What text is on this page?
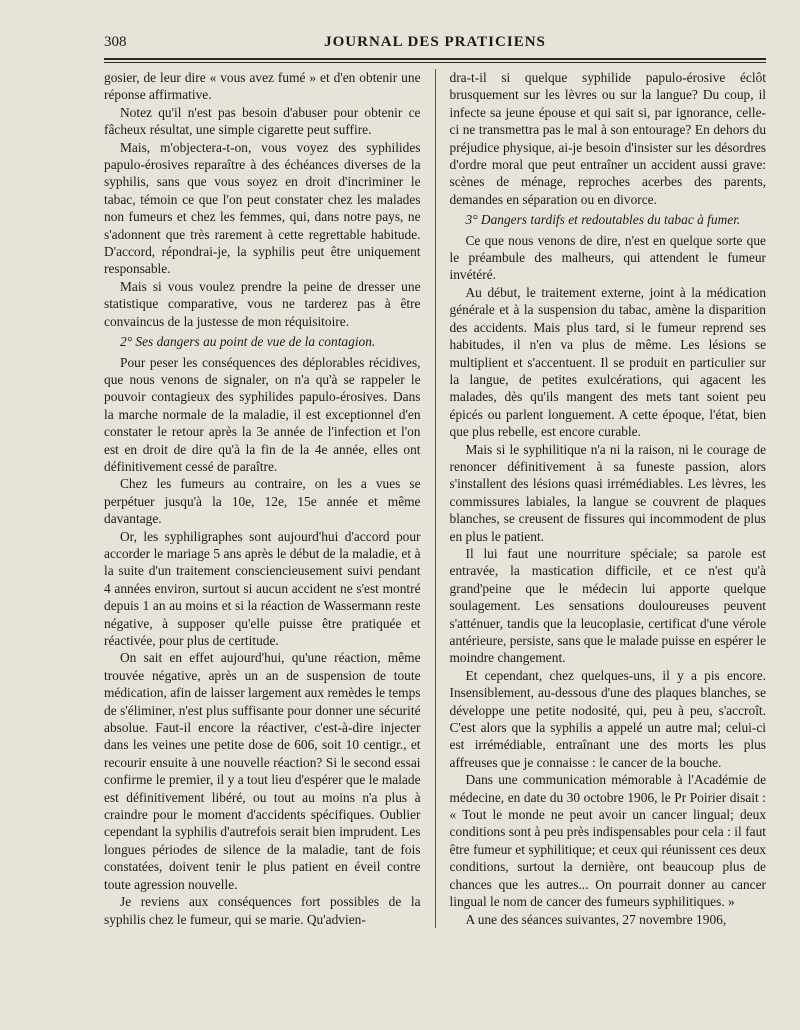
308	JOURNAL DES PRATICIENS

gosier, de leur dire « vous avez fumé » et d'en obtenir une réponse affirmative.

Notez qu'il n'est pas besoin d'abuser pour obtenir ce fâcheux résultat, une simple cigarette peut suffire.

Mais, m'objectera-t-on, vous voyez des syphilides papulo-érosives reparaître à des échéances diverses de la syphilis, sans que vous soyez en droit d'incriminer le tabac, témoin ce que l'on peut constater chez les malades non fumeurs et chez les femmes, qui, dans notre pays, ne s'adonnent que très rarement à cette regrettable habitude. D'accord, répondrai-je, la syphilis peut être uniquement responsable.

Mais si vous voulez prendre la peine de dresser une statistique comparative, vous ne tarderez pas à être convaincus de la justesse de mon réquisitoire.

2° Ses dangers au point de vue de la contagion.

Pour peser les conséquences des déplorables récidives, que nous venons de signaler, on n'a qu'à se rappeler le pouvoir contagieux des syphilides papulo-érosives. Dans la marche normale de la maladie, il est exceptionnel d'en constater le retour après la 3e année de l'infection et l'on est en droit de dire qu'à la fin de la 4e année, elles ont définitivement cessé de paraître.

Chez les fumeurs au contraire, on les a vues se perpétuer jusqu'à la 10e, 12e, 15e année et même davantage.

Or, les syphiligraphes sont aujourd'hui d'accord pour accorder le mariage 5 ans après le début de la maladie, et à la suite d'un traitement consciencieusement suivi pendant 4 années environ, surtout si aucun accident ne s'est montré depuis 1 an au moins et si la réaction de Wassermann reste négative, à supposer qu'elle puisse être pratiquée et réactivée, pour plus de certitude.

On sait en effet aujourd'hui, qu'une réaction, même trouvée négative, après un an de suspension de toute médication, afin de laisser largement aux remèdes le temps de s'éliminer, n'est plus suffisante pour donner une sécurité absolue. Faut-il encore la réactiver, c'est-à-dire injecter dans les veines une petite dose de 606, soit 10 centigr., et recourir ensuite à une nouvelle réaction? Si le second essai confirme le premier, il y a tout lieu d'espérer que le malade est définitivement libéré, ou tout au moins n'a plus à craindre pour le moment d'accidents spécifiques. Oublier cependant la syphilis d'autrefois serait bien imprudent. Les longues périodes de silence de la maladie, tant de fois constatées, doivent tenir le plus patient en éveil contre toute agression nouvelle.

Je reviens aux conséquences fort possibles de la syphilis chez le fumeur, qui se marie. Qu'advien-

dra-t-il si quelque syphilide papulo-érosive éclôt brusquement sur les lèvres ou sur la langue? Du coup, il infecte sa jeune épouse et qui sait si, par ignorance, celle-ci ne transmettra pas le mal à son entourage? En dehors du préjudice physique, ai-je besoin d'insister sur les désordres d'ordre moral que peut entraîner un accident aussi grave: scènes de ménage, reproches acerbes des parents, demandes en séparation ou en divorce.

3° Dangers tardifs et redoutables du tabac à fumer.

Ce que nous venons de dire, n'est en quelque sorte que le préambule des malheurs, qui attendent le fumeur invétéré.

Au début, le traitement externe, joint à la médication générale et à la suspension du tabac, amène la disparition des accidents. Mais plus tard, si le fumeur reprend ses habitudes, il n'en va plus de même. Les lésions se multiplient et s'accentuent. Il se produit en particulier sur la langue, de petites exulcérations, qui agacent les malades, dès qu'ils mangent des mets tant soient peu épicés ou parlent longuement. A cette époque, l'état, bien que plus rebelle, est encore curable.

Mais si le syphilitique n'a ni la raison, ni le courage de renoncer définitivement à sa funeste passion, alors s'installent des lésions quasi irrémédiables. Les lèvres, les commissures labiales, la langue se couvrent de plaques blanches, se creusent de fissures qui incommodent de plus en plus le patient.

Il lui faut une nourriture spéciale; sa parole est entravée, la mastication difficile, et ce n'est qu'à grand'peine que le médecin lui apporte quelque soulagement. Les sensations douloureuses peuvent s'atténuer, tandis que la leucoplasie, certificat d'une vérole antérieure, persiste, sans que le malade puisse en espérer le moindre changement.

Et cependant, chez quelques-uns, il y a pis encore. Insensiblement, au-dessous d'une des plaques blanches, se développe une petite nodosité, qui, peu à peu, s'accroît. C'est alors que la syphilis a appelé un autre mal; celui-ci est irrémédiable, entraînant une des morts les plus affreuses que je connaisse : le cancer de la bouche.

Dans une communication mémorable à l'Académie de médecine, en date du 30 octobre 1906, le Pr Poirier disait : « Tout le monde ne peut avoir un cancer lingual; deux conditions sont à peu près indispensables pour cela : il faut être fumeur et syphilitique; et ceux qui réunissent ces deux conditions, surtout la dernière, ont beaucoup plus de chances que les autres... On pourrait donner au cancer lingual le nom de cancer des fumeurs syphilitiques. »

A une des séances suivantes, 27 novembre 1906,
